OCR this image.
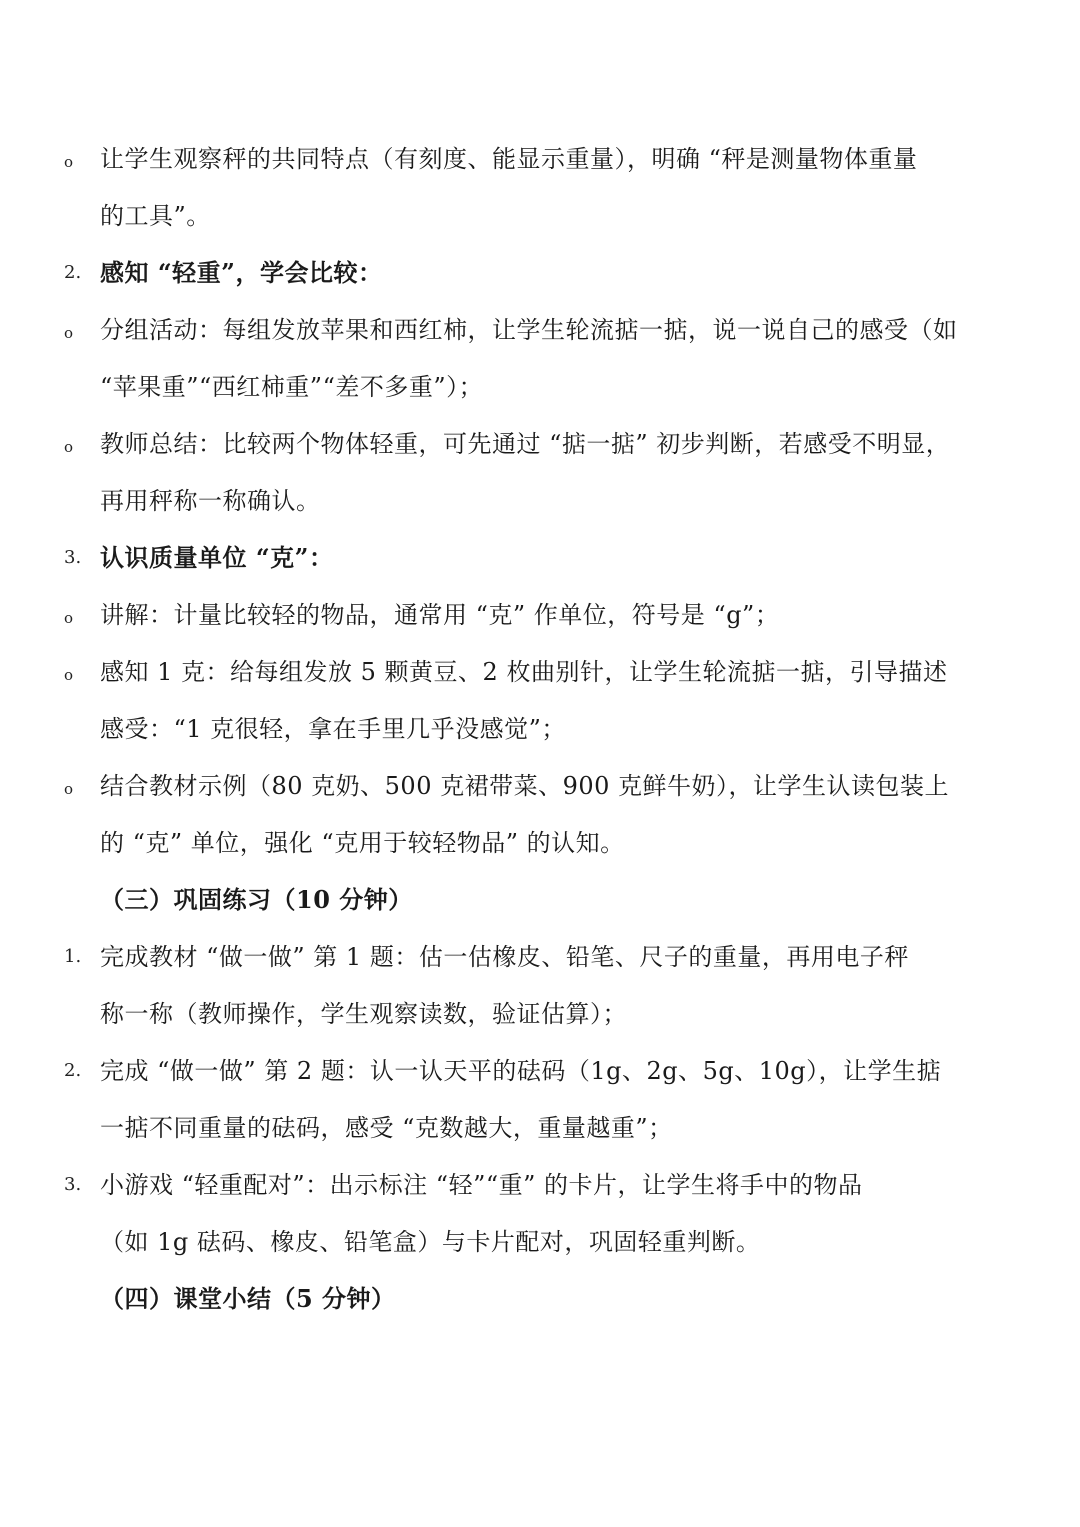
o 让学生观察秤的共同特点（有刻度、能显示重量），明确 “秤是测量物体重量
的工具”。
2. 感知 “轻重”，学会比较：
o 分组活动：每组发放苹果和西红柿，让学生轮流掂一掂，说一说自己的感受（如
“苹果重”“西红柿重”“差不多重”）；
o 教师总结：比较两个物体轻重，可先通过 “掂一掂” 初步判断，若感受不明显，
再用秤称一称确认。
3. 认识质量单位 “克”：
o 讲解：计量比较轻的物品，通常用 “克” 作单位，符号是 “g”；
o 感知 1 克：给每组发放 5 颗黄豆、2 枚曲别针，让学生轮流掂一掂，引导描述
感受：“1 克很轻，拿在手里几乎没感觉”；
o 结合教材示例（80 克奶、500 克裙带菜、900 克鲜牛奶），让学生认读包装上
的 “克” 单位，强化 “克用于较轻物品” 的认知。
（三）巩固练习（10 分钟）
1. 完成教材 “做一做” 第 1 题：估一估橡皮、铅笔、尺子的重量，再用电子秤
称一称（教师操作，学生观察读数，验证估算）；
2. 完成 “做一做” 第 2 题：认一认天平的砝码（1g、2g、5g、10g），让学生掂
一掂不同重量的砝码，感受 “克数越大，重量越重”；
3. 小游戏 “轻重配对”：出示标注 “轻”“重” 的卡片，让学生将手中的物品
（如 1g 砝码、橡皮、铅笔盒）与卡片配对，巩固轻重判断。
（四）课堂小结（5 分钟）
